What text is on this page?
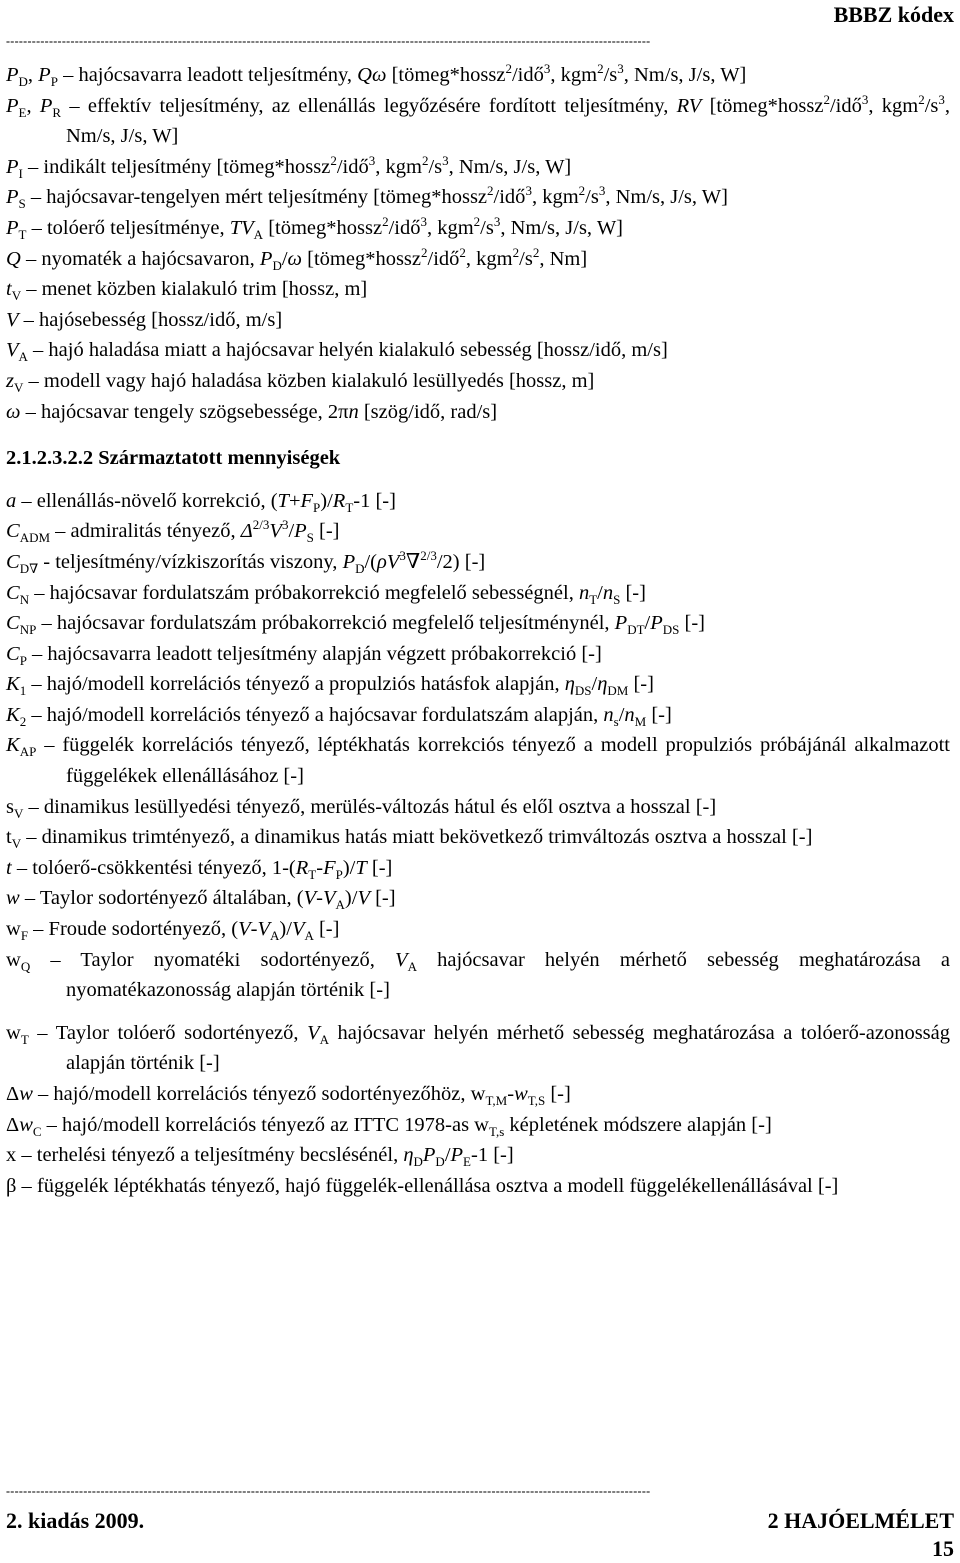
BBBZ kódex
------------------------------------------------------------------------------------------------------------------------------------------------------
$P_D$, $P_P$ – hajócsavarra leadott teljesítmény, Qω [tömeg*hossz$^2$/idő$^3$, $kgm^2/s^3$, Nm/s, J/s, W]
$P_E$, $P_R$ – effektív teljesítmény, az ellenállás legyőzésére fordított teljesítmény, RV [tömeg*hossz$^2$/idő$^3$, $kgm^2/s^3$, Nm/s, J/s, W]
$P_I$ – indikált teljesítmény [tömeg*hossz$^2$/idő$^3$, $kgm^2/s^3$, Nm/s, J/s, W]
$P_S$ – hajócsavar-tengelyen mért teljesítmény [tömeg*hossz$^2$/idő$^3$, $kgm^2/s^3$, Nm/s, J/s, W]
$P_T$ – tolóerő teljesítménye, $TV_A$ [tömeg*hossz$^2$/idő$^3$, $kgm^2/s^3$, Nm/s, J/s, W]
Q – nyomaték a hajócsavaron, $P_D/\omega$ [tömeg*hossz$^2$/idő$^2$, $kgm^2/s^2$, Nm]
$t_V$ – menet közben kialakuló trim [hossz, m]
V – hajósebesség [hossz/idő, m/s]
$V_A$ – hajó haladása miatt a hajócsavar helyén kialakuló sebesség [hossz/idő, m/s]
$z_V$ – modell vagy hajó haladása közben kialakuló lesüllyedés [hossz, m]
ω – hajócsavar tengely szögsebessége, 2πn [szög/idő, rad/s]
2.1.2.3.2.2 Származtatott mennyiségek
a – ellenállás-növelő korrekció, $(T+F_P)/R_T-1$ [-]
$C_{ADM}$ – admiralitás tényező, $\Delta^{2/3}V^3/P_S$ [-]
$C_{D\nabla}$ - teljesítmény/vízkiszorítás viszony, $P_D/(\rho V^3\nabla^{2/3}/2)$ [-]
$C_N$ – hajócsavar fordulatszám próbakorrekció megfelelő sebességnél, $n_T/n_S$ [-]
$C_{NP}$ – hajócsavar fordulatszám próbakorrekció megfelelő teljesítménynél, $P_{DT}/P_{DS}$ [-]
$C_P$ – hajócsavarra leadott teljesítmény alapján végzett próbakorrekció [-]
$K_1$ – hajó/modell korrelációs tényező a propulziós hatásfok alapján, $\eta_{DS}/\eta_{DM}$ [-]
$K_2$ – hajó/modell korrelációs tényező a hajócsavar fordulatszám alapján, $n_s/n_M$ [-]
$K_{AP}$ – függelék korrelációs tényező, léptékhatás korrekciós tényező a modell propulziós próbájánál alkalmazott függelékek ellenállásához [-]
$s_V$ – dinamikus lesüllyedési tényező, merülés-változás hátul és elől osztva a hosszal [-]
$t_V$ – dinamikus trimtényező, a dinamikus hatás miatt bekövetkező trimváltozás osztva a hosszal [-]
t – tolóerő-csökkentési tényező, $1-(R_T-F_P)/T$ [-]
w – Taylor sodortényező általában, $(V-V_A)/V$ [-]
$w_F$ – Froude sodortényező, $(V-V_A)/V_A$ [-]
$w_Q$ – Taylor nyomatéki sodortényező, $V_A$ hajócsavar helyén mérhető sebesség meghatározása a nyomatékazonosság alapján történik [-]
$w_T$ – Taylor tolóerő sodortényező, $V_A$ hajócsavar helyén mérhető sebesség meghatározása a tolóerő-azonosság alapján történik [-]
Δw – hajó/modell korrelációs tényező sodortényezőhöz, $w_{T,M}-w_{T,S}$ [-]
$\Delta w_C$ – hajó/modell korrelációs tényező az ITTC 1978-as $w_{T,s}$ képletének módszere alapján [-]
x – terhelési tényező a teljesítmény becslésénél, $\eta_DP_D/P_E-1$ [-]
β – függelék léptékhatás tényező, hajó függelék-ellenállása osztva a modell függelékellenállásával [-]
------------------------------------------------------------------------------------------------------------------------------------------------------
2. kiadás 2009.	2 HAJÓELMÉLET
15
